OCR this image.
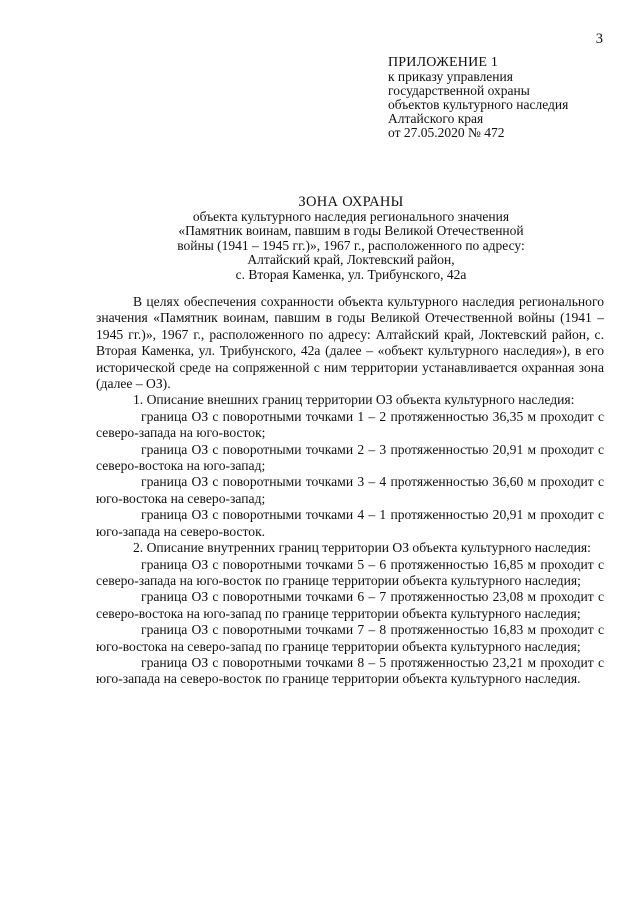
3
ПРИЛОЖЕНИЕ 1
к приказу управления
государственной охраны
объектов культурного наследия
Алтайского края
от 27.05.2020 № 472
ЗОНА ОХРАНЫ
объекта культурного наследия регионального значения
«Памятник воинам, павшим в годы Великой Отечественной
войны (1941 – 1945 гг.)», 1967 г., расположенного по адресу:
Алтайский край, Локтевский район,
с. Вторая Каменка, ул. Трибунского, 42а

В целях обеспечения сохранности объекта культурного наследия регионального значения «Памятник воинам, павшим в годы Великой Отечественной войны (1941 – 1945 гг.)», 1967 г., расположенного по адресу: Алтайский край, Локтевский район, с. Вторая Каменка, ул. Трибунского, 42а (далее – «объект культурного наследия»), в его исторической среде на сопряженной с ним территории устанавливается охранная зона (далее – ОЗ).

1. Описание внешних границ территории ОЗ объекта культурного наследия:

граница ОЗ с поворотными точками 1 – 2 протяженностью 36,35 м проходит с северо-запада на юго-восток;

граница ОЗ с поворотными точками 2 – 3 протяженностью 20,91 м проходит с северо-востока на юго-запад;

граница ОЗ с поворотными точками 3 – 4 протяженностью 36,60 м проходит с юго-востока на северо-запад;

граница ОЗ с поворотными точками 4 – 1 протяженностью 20,91 м проходит с юго-запада на северо-восток.

2. Описание внутренних границ территории ОЗ объекта культурного наследия:

граница ОЗ с поворотными точками 5 – 6 протяженностью 16,85 м проходит с северо-запада на юго-восток по границе территории объекта культурного наследия;

граница ОЗ с поворотными точками 6 – 7 протяженностью 23,08 м проходит с северо-востока на юго-запад по границе территории объекта культурного наследия;

граница ОЗ с поворотными точками 7 – 8 протяженностью 16,83 м проходит с юго-востока на северо-запад по границе территории объекта культурного наследия;

граница ОЗ с поворотными точками 8 – 5 протяженностью 23,21 м проходит с юго-запада на северо-восток по границе территории объекта культурного наследия.
